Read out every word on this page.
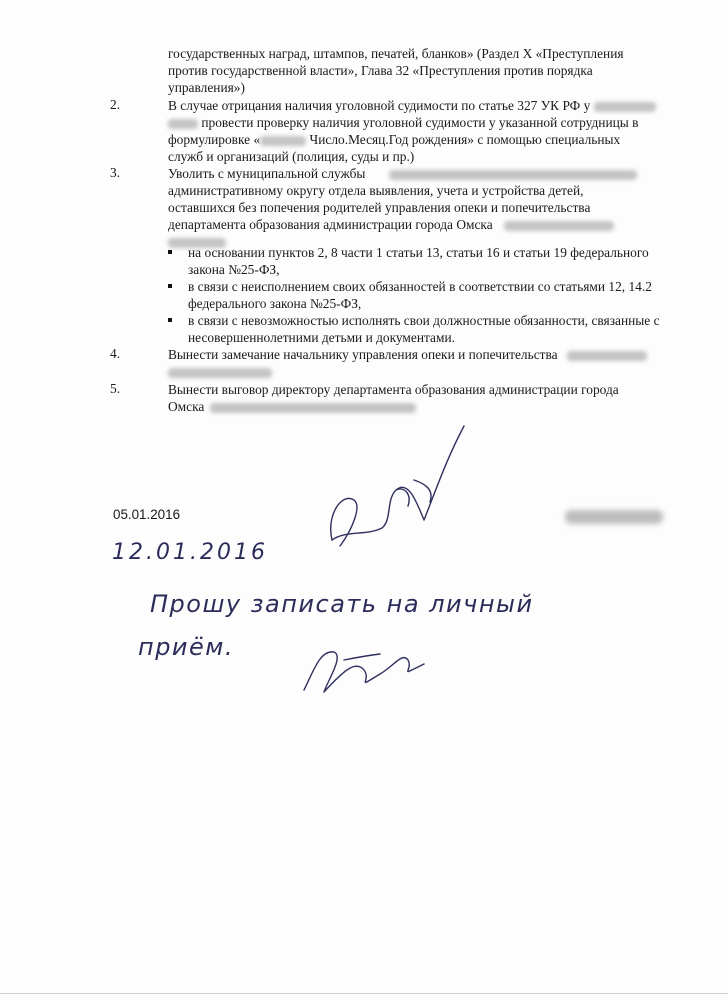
государственных наград, штампов, печатей, бланков» (Раздел X «Преступления
против государственной власти», Глава 32 «Преступления против порядка
управления»)
2.	В случае отрицания наличия уголовной судимости по статье 327 УК РФ у
провести проверку наличия уголовной судимости у указанной сотрудницы в
формулировке «	Число.Месяц.Год рождения» с помощью специальных
служб и организаций (полиция, суды и пр.)
3.	Уволить с муниципальной службы
административному округу отдела выявления, учета и устройства детей,
оставшихся без попечения родителей управления опеки и попечительства
департамента образования администрации города Омска
на основании пунктов 2, 8 части 1 статьи 13, статьи 16 и статьи 19 федерального закона №25-ФЗ,
в связи с неисполнением своих обязанностей в соответствии со статьями 12, 14.2 федерального закона №25-ФЗ,
в связи с невозможностью исполнять свои должностные обязанности, связанные с несовершеннолетними детьми и документами.
4.	Вынести замечание начальнику управления опеки и попечительства
5.	Вынести выговор директору департамента образования администрации города
Омска
05.01.2016
12.01.2016
Прошу записать на личный
приём.
